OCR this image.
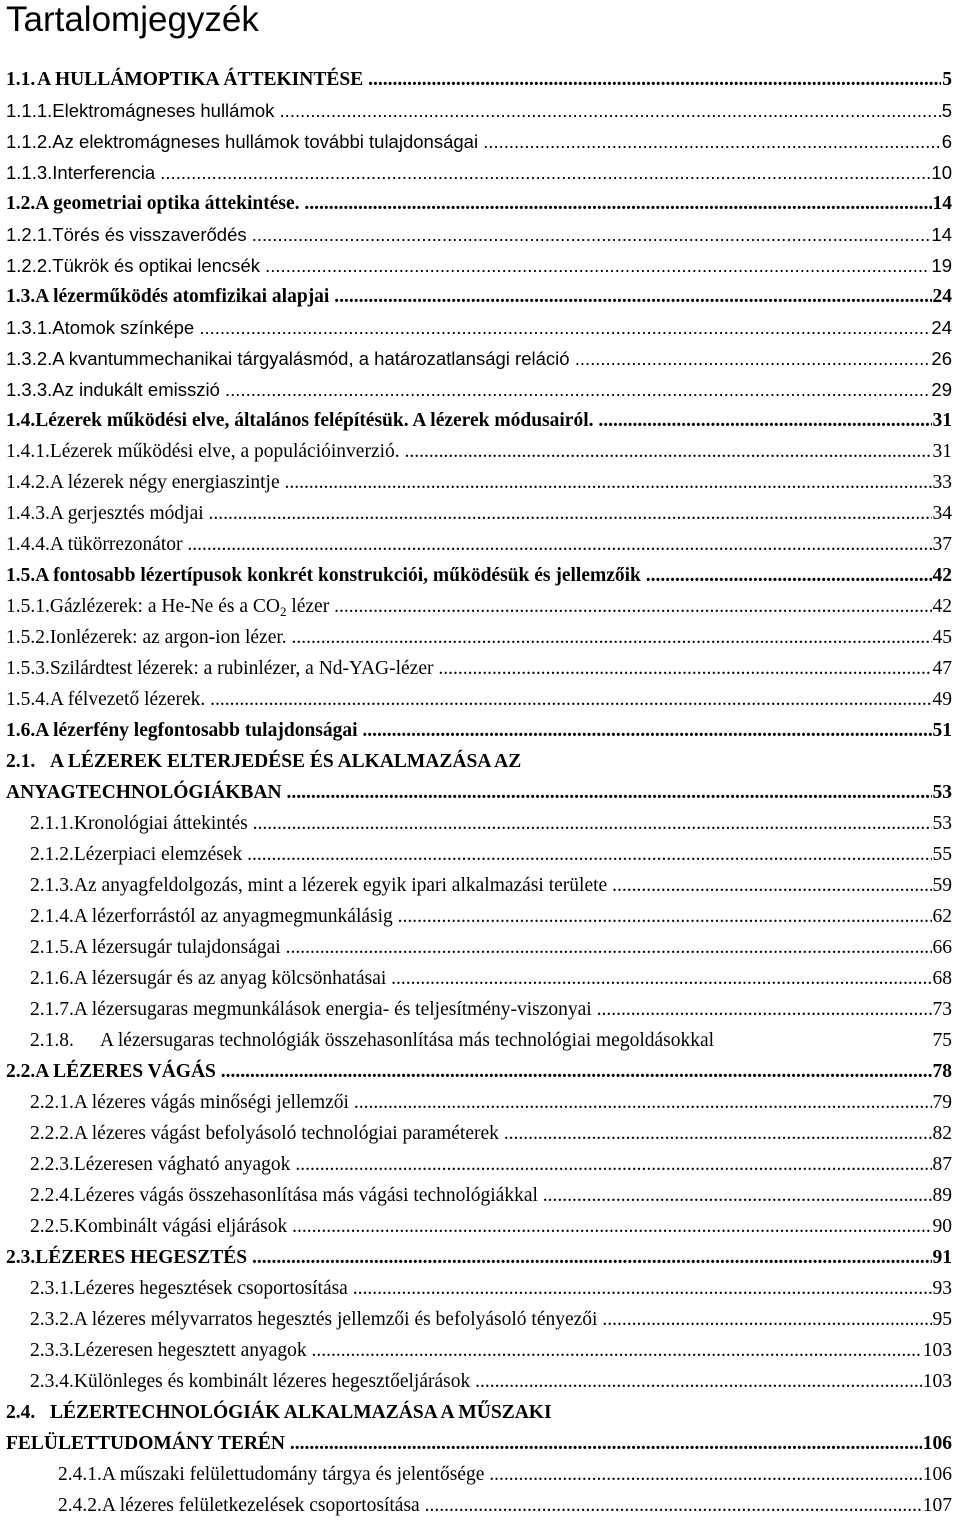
Tartalomjegyzék
1.1. A HULLÁMOPTIKA ÁTTEKINTÉSE .....	5
1.1.1. Elektromágneses hullámok .....	5
1.1.2. Az elektromágneses hullámok további tulajdonságai .....	6
1.1.3. Interferencia .....	10
1.2. A geometriai optika áttekintése. .....	14
1.2.1. Törés és visszaverődés .....	14
1.2.2. Tükrök és optikai lencsék .....	19
1.3. A lézerműködés atomfizikai alapjai .....	24
1.3.1. Atomok színképe .....	24
1.3.2. A kvantummechanikai tárgyalásmód, a határozatlansági reláció .....	26
1.3.3. Az indukált emisszió .....	29
1.4. Lézerek működési elve, általános felépítésük. A lézerek módusairól. .....	31
1.4.1. Lézerek működési elve, a populációinverzió. .....	31
1.4.2. A lézerek négy energiaszintje .....	33
1.4.3. A gerjesztés módjai .....	34
1.4.4. A tükörrezonátor .....	37
1.5. A fontosabb lézertípusok konkrét konstrukciói, működésük és jellemzőik .....	42
1.5.1. Gázlézerek: a He-Ne és a $CO_2$ lézer .....	42
1.5.2. Ionlézerek: az argon-ion lézer. .....	45
1.5.3. Szilárdtest lézerek: a rubinlézer, a Nd-YAG-lézer .....	47
1.5.4. A félvezető lézerek. .....	49
1.6. A lézerfény legfontosabb tulajdonságai .....	51
2.1. A LÉZEREK ELTERJEDÉSE ÉS ALKALMAZÁSA AZ
ANYAGTECHNOLÓGIÁKBAN .....	53
2.1.1. Kronológiai áttekintés .....	53
2.1.2. Lézerpiaci elemzések .....	55
2.1.3. Az anyagfeldolgozás, mint a lézerek egyik ipari alkalmazási területe .....	59
2.1.4. A lézerforrástól az anyagmegmunkálásig .....	62
2.1.5. A lézersugár tulajdonságai .....	66
2.1.6. A lézersugár és az anyag kölcsönhatásai .....	68
2.1.7. A lézersugaras megmunkálások energia- és teljesítmény-viszonyai .....	73
2.1.8.	A lézersugaras technológiák összehasonlítása más technológiai megoldásokkal	75
2.2. A LÉZERES VÁGÁS .....	78
2.2.1. A lézeres vágás minőségi jellemzői .....	79
2.2.2. A lézeres vágást befolyásoló technológiai paraméterek .....	82
2.2.3. Lézeresen vágható anyagok .....	87
2.2.4. Lézeres vágás összehasonlítása más vágási technológiákkal .....	89
2.2.5. Kombinált vágási eljárások .....	90
2.3. LÉZERES HEGESZTÉS .....	91
2.3.1. Lézeres hegesztések csoportosítása .....	93
2.3.2. A lézeres mélyvarratos hegesztés jellemzői és befolyásoló tényezői .....	95
2.3.3. Lézeresen hegesztett anyagok .....	103
2.3.4. Különleges és kombinált lézeres hegesztőeljárások .....	103
2.4. LÉZERTECHNOLÓGIÁK ALKALMAZÁSA A MŰSZAKI
FELÜLETTUDOMÁNY TERÉN .....	106
2.4.1. A műszaki felülettudomány tárgya és jelentősége .....	106
2.4.2. A lézeres felületkezelések csoportosítása .....	107
